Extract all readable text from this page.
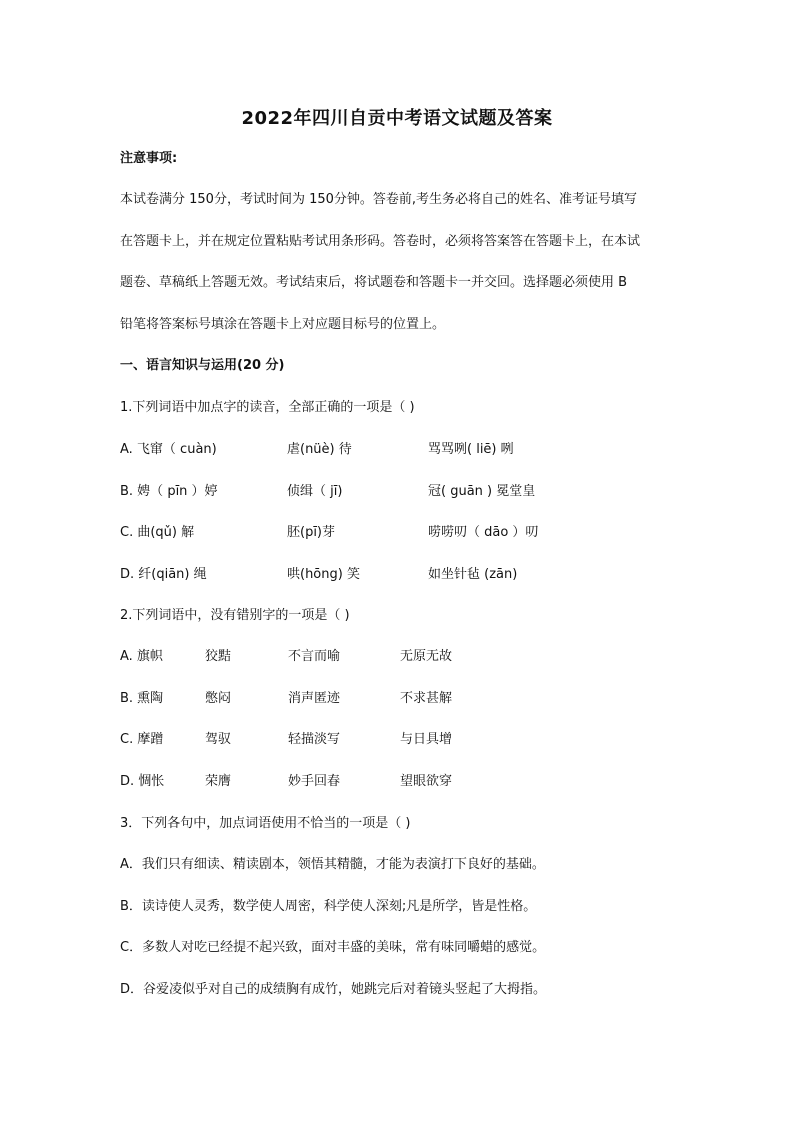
2022年四川自贡中考语文试题及答案
注意事项:
本试卷满分 150分，考试时间为 150分钟。答卷前,考生务必将自己的姓名、准考证号填写
在答题卡上，并在规定位置粘贴考试用条形码。答卷时，必须将答案答在答题卡上，在本试
题卷、草稿纸上答题无效。考试结束后，将试题卷和答题卡一并交回。选择题必须使用 B
铅笔将答案标号填涂在答题卡上对应题目标号的位置上。
一、语言知识与运用(20 分)
1.下列词语中加点字的读音，全部正确的一项是（ )
A. 飞窜（ cuàn)	虐(nüè) 待	骂骂咧( liē) 咧
B. 娉（ pīn ）婷	侦缉（ jī)	冠( guān ) 冕堂皇
C. 曲(qǔ) 解	胚(pī)芽	唠唠叨（ dāo ）叨
D. 纤(qiān) 绳	哄(hōng) 笑	如坐针毡 (zān)
2.下列词语中，没有错别字的一项是（ )
A. 旗帜	狡黠	不言而喻	无原无故
B. 熏陶	憋闷	消声匿迹	不求甚解
C. 摩蹭	驾驭	轻描淡写	与日具增
D. 惆怅	荣膺	妙手回春	望眼欲穿
3．下列各句中，加点词语使用不恰当的一项是（ )
A．我们只有细读、精读剧本，领悟其精髓，才能为表演打下良好的基础。
B．读诗使人灵秀，数学使人周密，科学使人深刻;凡是所学，皆是性格。
C．多数人对吃已经提不起兴致，面对丰盛的美味，常有味同嚼蜡的感觉。
D．谷爱凌似乎对自己的成绩胸有成竹，她跳完后对着镜头竖起了大拇指。
